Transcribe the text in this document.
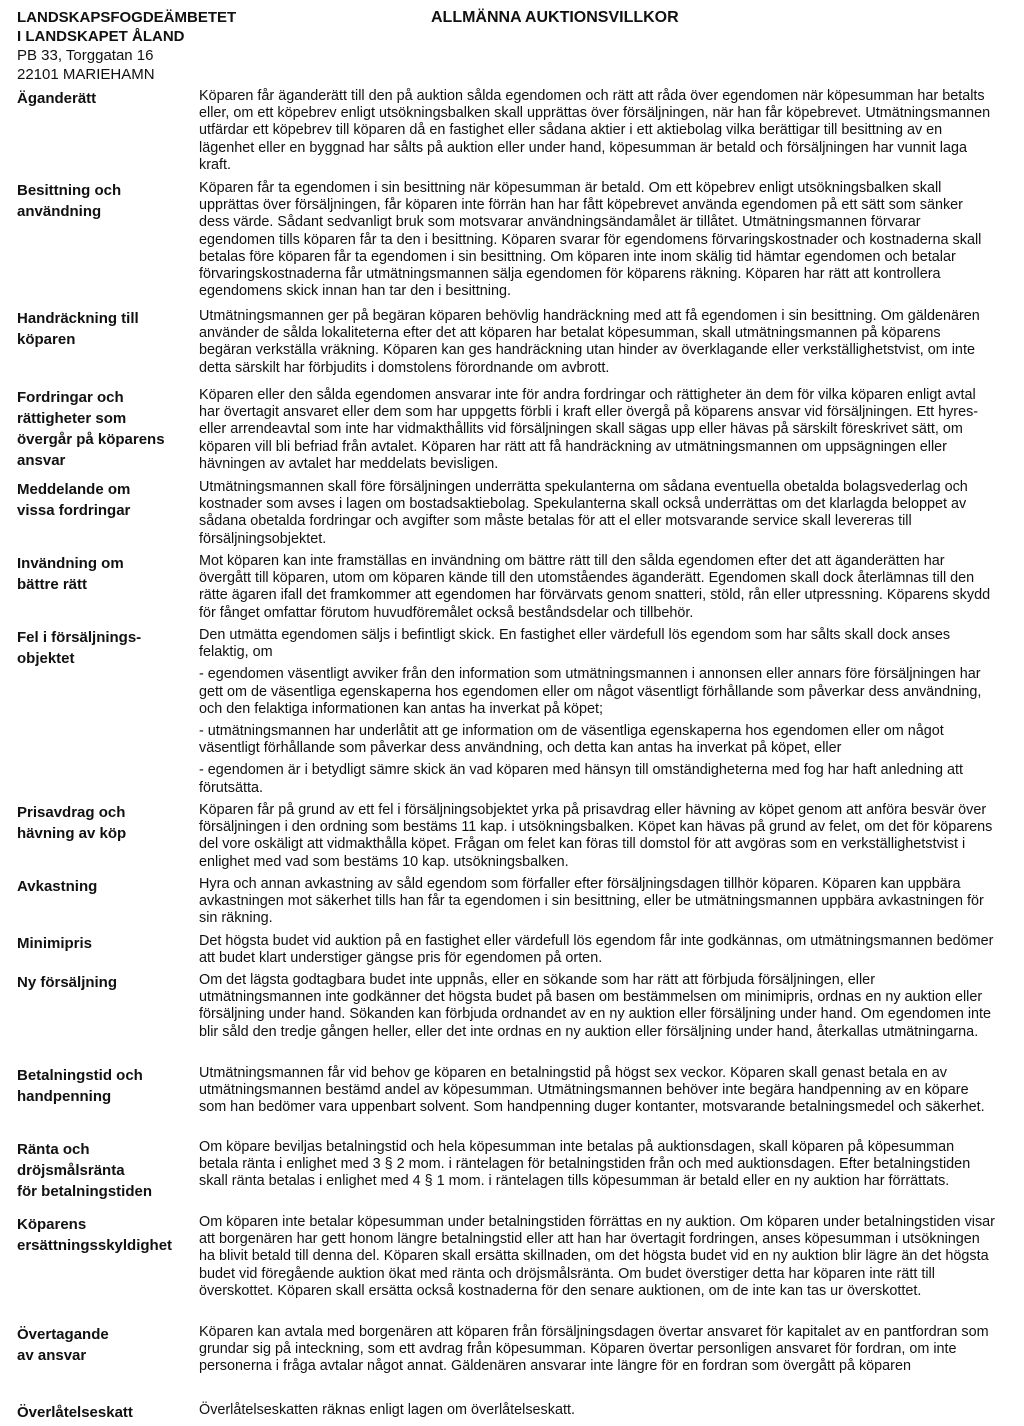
LANDSKAPSFOGDEÄMBETET
I LANDSKAPET ÅLAND
PB 33, Torggatan 16
22101 MARIEHAMN
ALLMÄNNA AUKTIONSVILLKOR
Äganderätt	Köparen får äganderätt till den på auktion sålda egendomen och rätt att råda över egendomen när köpesumman har betalts eller, om ett köpebrev enligt utsökningsbalken skall upprättas över försäljningen, när han får köpebrevet. Utmätningsmannen utfärdar ett köpebrev till köparen då en fastighet eller sådana aktier i ett aktiebolag vilka berättigar till besittning av en lägenhet eller en byggnad har sålts på auktion eller under hand, köpesumman är betald och försäljningen har vunnit laga kraft.

Besittning och
användning

Köparen får ta egendomen i sin besittning när köpesumman är betald. Om ett köpebrev enligt utsökningsbalken skall upprättas över försäljningen, får köparen inte förrän han har fått köpebrevet använda egendomen på ett sätt som sänker dess värde. Sådant sedvanligt bruk som motsvarar användningsändamålet är tillåtet. Utmätningsmannen förvarar egendomen tills köparen får ta den i besittning. Köparen svarar för egendomens förvaringskostnader och kostnaderna skall betalas före köparen får ta egendomen i sin besittning. Om köparen inte inom skälig tid hämtar egendomen och betalar förvaringskostnaderna får utmätningsmannen sälja egendomen för köparens räkning. Köparen har rätt att kontrollera egendomens skick innan han tar den i besittning.

Handräckning till
köparen

Utmätningsmannen ger på begäran köparen behövlig handräckning med att få egendomen i sin besittning. Om gäldenären använder de sålda lokaliteterna efter det att köparen har betalat köpesumman, skall utmätningsmannen på köparens begäran verkställa vräkning. Köparen kan ges handräckning utan hinder av överklagande eller verkställighetstvist, om inte detta särskilt har förbjudits i domstolens förordnande om avbrott.

Fordringar och
rättigheter som
övergår på köparens
ansvar

Köparen eller den sålda egendomen ansvarar inte för andra fordringar och rättigheter än dem för vilka köparen enligt avtal har övertagit ansvaret eller dem som har uppgetts förbli i kraft eller övergå på köparens ansvar vid försäljningen. Ett hyres- eller arrendeavtal som inte har vidmakthållits vid försäljningen skall sägas upp eller hävas på särskilt föreskrivet sätt, om köparen vill bli befriad från avtalet. Köparen har rätt att få handräckning av utmätningsmannen om uppsägningen eller hävningen av avtalet har meddelats bevisligen.

Meddelande om
vissa fordringar

Utmätningsmannen skall före försäljningen underrätta spekulanterna om sådana eventuella obetalda bolagsvederlag och kostnader som avses i lagen om bostadsaktiebolag. Spekulanterna skall också underrättas om det klarlagda beloppet av sådana obetalda fordringar och avgifter som måste betalas för att el eller motsvarande service skall levereras till försäljningsobjektet.

Invändning om
bättre rätt

Mot köparen kan inte framställas en invändning om bättre rätt till den sålda egendomen efter det att äganderätten har övergått till köparen, utom om köparen kände till den utomståendes äganderätt. Egendomen skall dock återlämnas till den rätte ägaren ifall det framkommer att egendomen har förvärvats genom snatteri, stöld, rån eller utpressning. Köparens skydd för fånget omfattar förutom huvudföremålet också beståndsdelar och tillbehör.

Fel i försäljnings-
objektet

Den utmätta egendomen säljs i befintligt skick. En fastighet eller värdefull lös egendom som har sålts skall dock anses felaktig, om

- egendomen väsentligt avviker från den information som utmätningsmannen i annonsen eller annars före försäljningen har gett om de väsentliga egenskaperna hos egendomen eller om något väsentligt förhållande som påverkar dess användning, och den felaktiga informationen kan antas ha inverkat på köpet;

- utmätningsmannen har underlåtit att ge information om de väsentliga egenskaperna hos egendomen eller om något väsentligt förhållande som påverkar dess användning, och detta kan antas ha inverkat på köpet, eller

- egendomen är i betydligt sämre skick än vad köparen med hänsyn till omständigheterna med fog har haft anledning att förutsätta.

Prisavdrag och
hävning av köp

Köparen får på grund av ett fel i försäljningsobjektet yrka på prisavdrag eller hävning av köpet genom att anföra besvär över försäljningen i den ordning som bestäms 11 kap. i utsökningsbalken. Köpet kan hävas på grund av felet, om det för köparens del vore oskäligt att vidmakthålla köpet. Frågan om felet kan föras till domstol för att avgöras som en verkställighetstvist i enlighet med vad som bestäms 10 kap. utsökningsbalken.

Avkastning	Hyra och annan avkastning av såld egendom som förfaller efter försäljningsdagen tillhör köparen. Köparen kan uppbära avkastningen mot säkerhet tills han får ta egendomen i sin besittning, eller be utmätningsmannen uppbära avkastningen för sin räkning.

Minimipris	Det högsta budet vid auktion på en fastighet eller värdefull lös egendom får inte godkännas, om utmätningsmannen bedömer att budet klart understiger gängse pris för egendomen på orten.

Ny försäljning	Om det lägsta godtagbara budet inte uppnås, eller en sökande som har rätt att förbjuda försäljningen, eller utmätningsmannen inte godkänner det högsta budet på basen om bestämmelsen om minimipris, ordnas en ny auktion eller försäljning under hand. Sökanden kan förbjuda ordnandet av en ny auktion eller försäljning under hand. Om egendomen inte blir såld den tredje gången heller, eller det inte ordnas en ny auktion eller försäljning under hand, återkallas utmätningarna.

Betalningstid och
handpenning

Utmätningsmannen får vid behov ge köparen en betalningstid på högst sex veckor. Köparen skall genast betala en av utmätningsmannen bestämd andel av köpesumman. Utmätningsmannen behöver inte begära handpenning av en köpare som han bedömer vara uppenbart solvent. Som handpenning duger kontanter, motsvarande betalningsmedel och säkerhet.

Ränta och
dröjsmålsränta
för betalningstiden

Om köpare beviljas betalningstid och hela köpesumman inte betalas på auktionsdagen, skall köparen på köpesumman betala ränta i enlighet med 3 § 2 mom. i räntelagen för betalningstiden från och med auktionsdagen. Efter betalningstiden skall ränta betalas i enlighet med 4 § 1 mom. i räntelagen tills köpesumman är betald eller en ny auktion har förrättats.

Köparens
ersättningsskyldighet

Om köparen inte betalar köpesumman under betalningstiden förrättas en ny auktion. Om köparen under betalningstiden visar att borgenären har gett honom längre betalningstid eller att han har övertagit fordringen, anses köpesumman i utsökningen ha blivit betald till denna del. Köparen skall ersätta skillnaden, om det högsta budet vid en ny auktion blir lägre än det högsta budet vid föregående auktion ökat med ränta och dröjsmålsränta. Om budet överstiger detta har köparen inte rätt till överskottet. Köparen skall ersätta också kostnaderna för den senare auktionen, om de inte kan tas ur överskottet.

Övertagande
av ansvar

Köparen kan avtala med borgenären att köparen från försäljningsdagen övertar ansvaret för kapitalet av en pantfordran som grundar sig på inteckning, som ett avdrag från köpesumman. Köparen övertar personligen ansvaret för fordran, om inte personerna i fråga avtalar något annat. Gäldenären ansvarar inte längre för en fordran som övergått på köparen

Överlåtelseskatt	Överlåtelseskatten räknas enligt lagen om överlåtelseskatt.
